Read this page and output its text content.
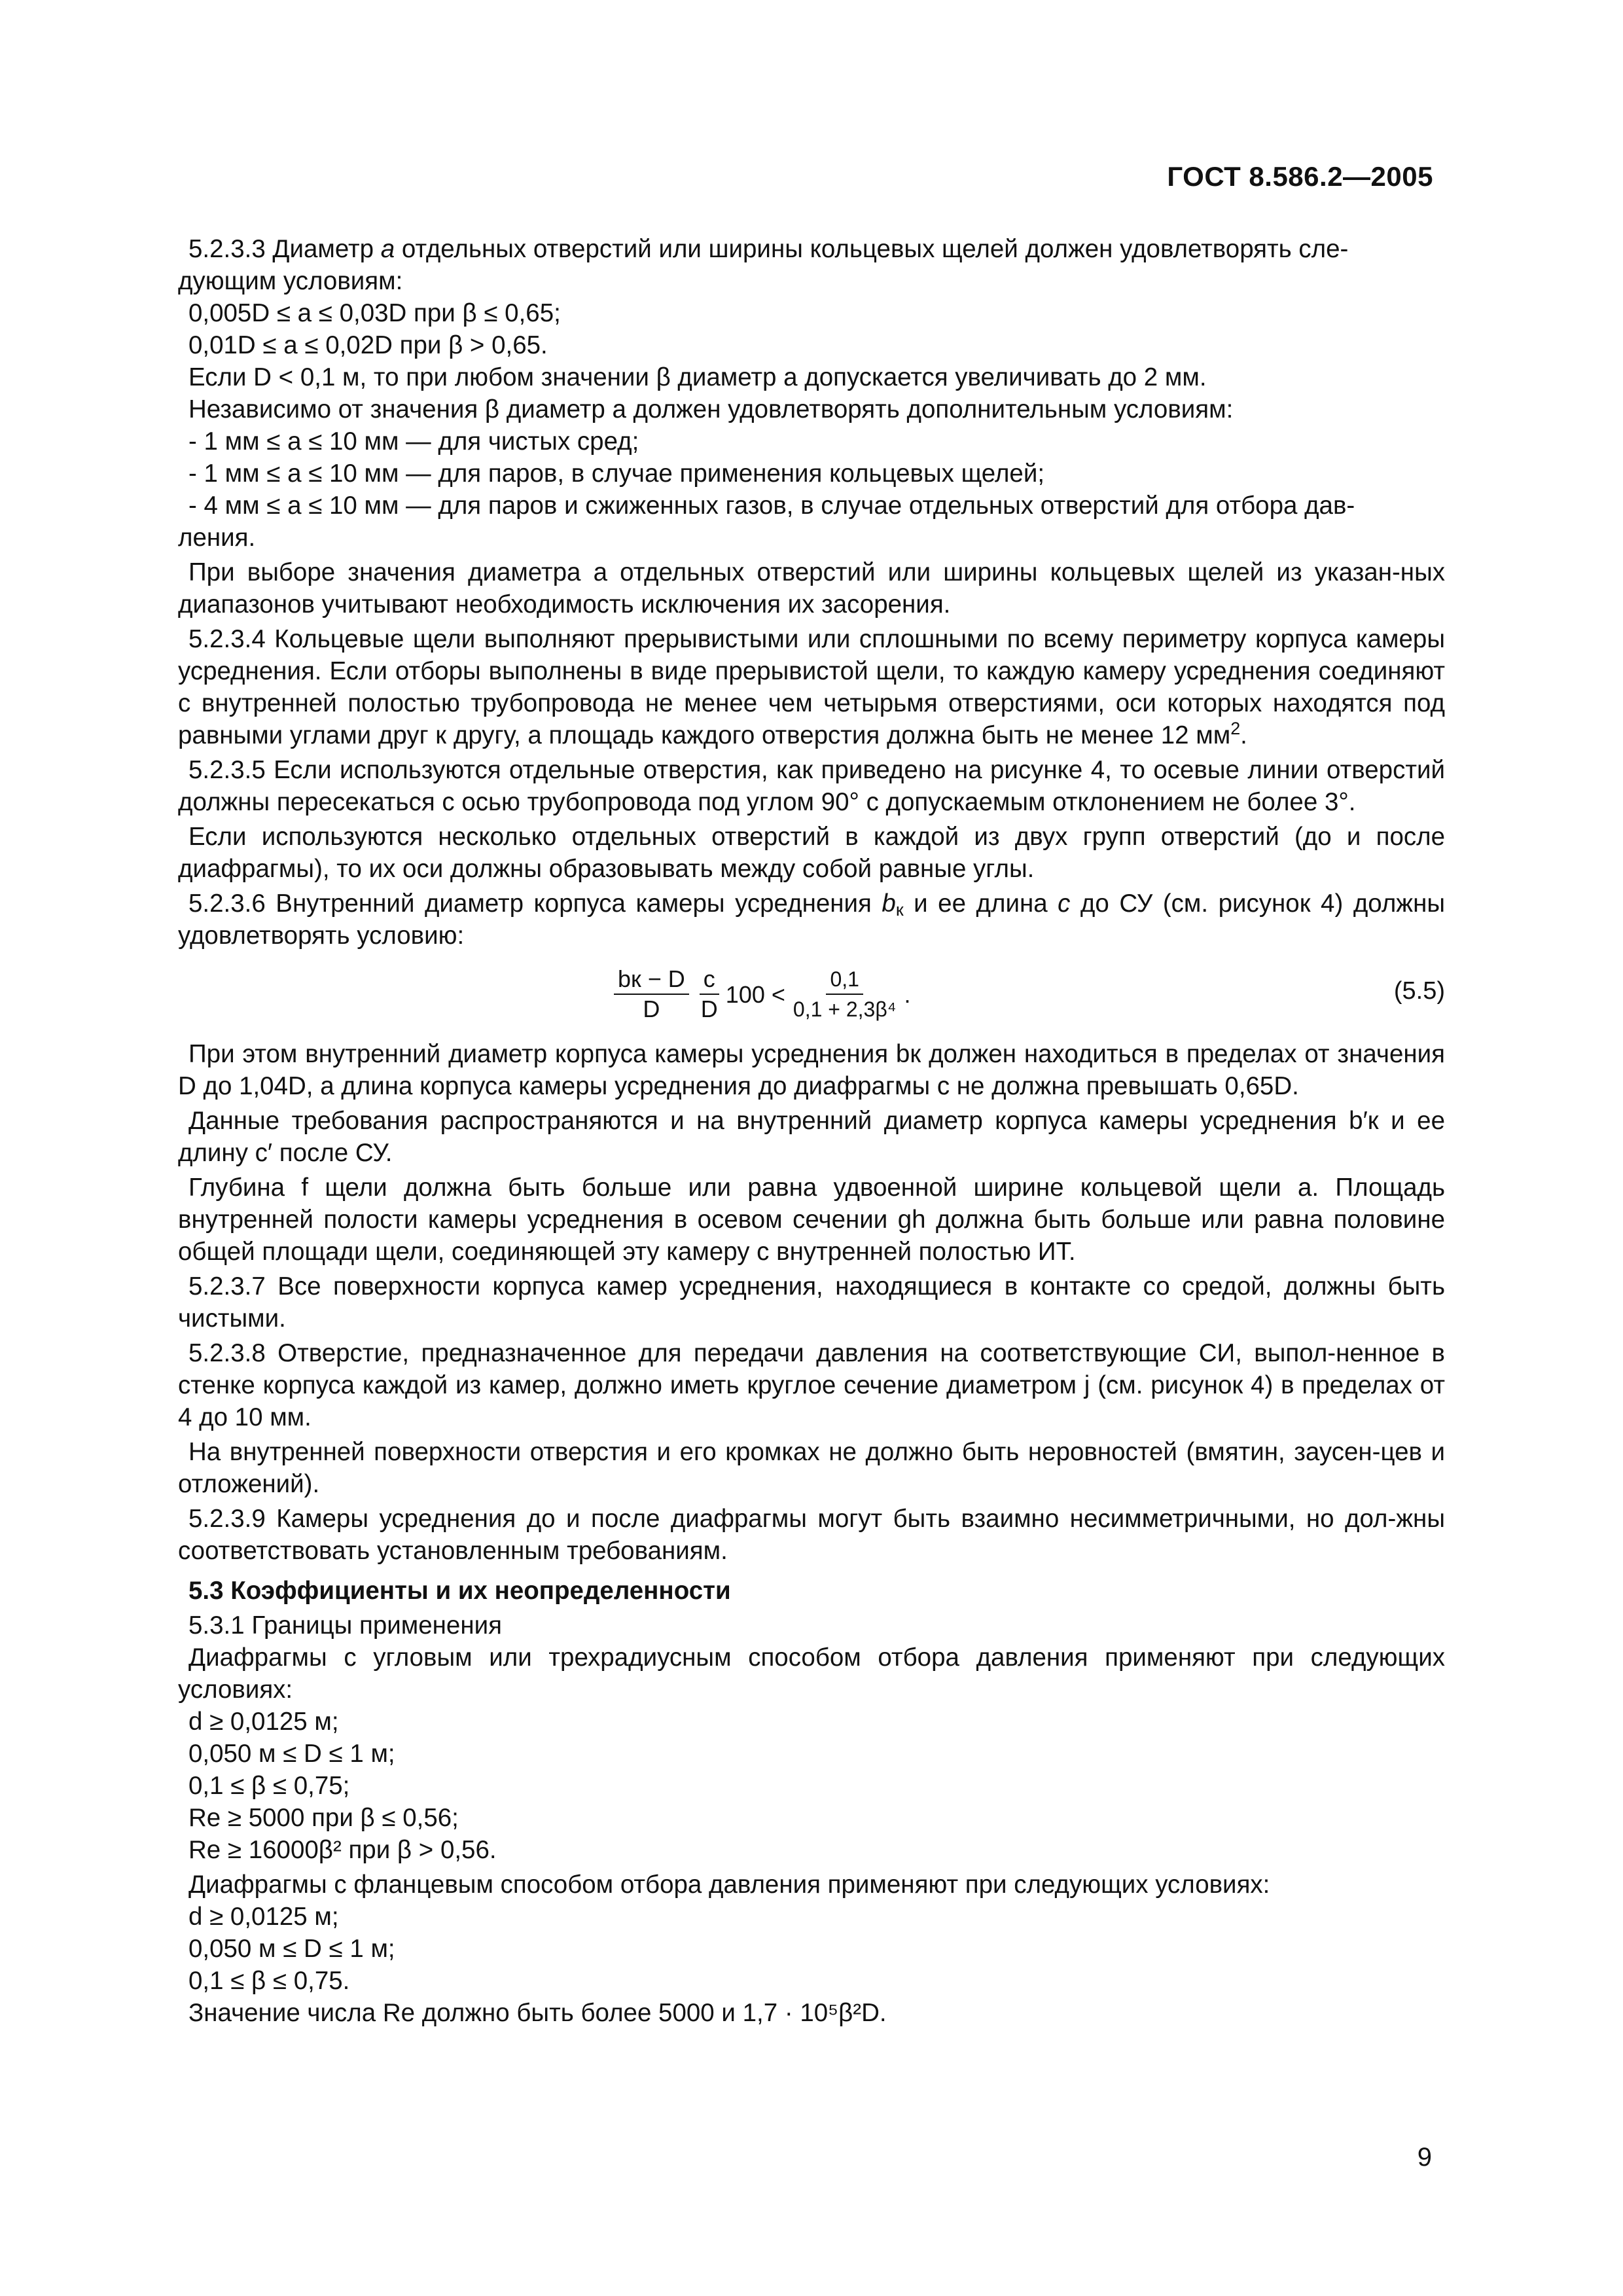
ГОСТ 8.586.2—2005

5.2.3.3 Диаметр a отдельных отверстий или ширины кольцевых щелей должен удовлетворять сле-
дующим условиям:

0,005D ≤ a ≤ 0,03D при β ≤ 0,65;

0,01D ≤ a ≤ 0,02D при β > 0,65.

Если D < 0,1 м, то при любом значении β диаметр a допускается увеличивать до 2 мм.

Независимо от значения β диаметр a должен удовлетворять дополнительным условиям:

- 1 мм ≤ a ≤ 10 мм — для чистых сред;

- 1 мм ≤ a ≤ 10 мм — для паров, в случае применения кольцевых щелей;

- 4 мм ≤ a ≤ 10 мм — для паров и сжиженных газов, в случае отдельных отверстий для отбора дав-

ления.

При выборе значения диаметра a отдельных отверстий или ширины кольцевых щелей из указан-ных диапазонов учитывают необходимость исключения их засорения.

5.2.3.4 Кольцевые щели выполняют прерывистыми или сплошными по всему периметру корпуса камеры усреднения. Если отборы выполнены в виде прерывистой щели, то каждую камеру усреднения соединяют с внутренней полостью трубопровода не менее чем четырьмя отверстиями, оси которых находятся под равными углами друг к другу, а площадь каждого отверстия должна быть не менее 12 $мм^2$.

5.2.3.5 Если используются отдельные отверстия, как приведено на рисунке 4, то осевые линии отверстий должны пересекаться с осью трубопровода под углом 90° с допускаемым отклонением не более 3°.

Если используются несколько отдельных отверстий в каждой из двух групп отверстий (до и после диафрагмы), то их оси должны образовывать между собой равные углы.

5.2.3.6 Внутренний диаметр корпуса камеры усреднения $b_к$ и ее длина c до СУ (см. рисунок 4) должны удовлетворять условию:

$\frac{bк - D}{D} \frac{c}{D} 100 < \frac{0,1}{\text{0,1 + 2,3β⁴}}$ .	(5.5)

При этом внутренний диаметр корпуса камеры усреднения bк должен находиться в пределах от значения D до 1,04D, а длина корпуса камеры усреднения до диафрагмы c не должна превышать 0,65D.

Данные требования распространяются и на внутренний диаметр корпуса камеры усреднения b′к и ее длину c′ после СУ.

Глубина f щели должна быть больше или равна удвоенной ширине кольцевой щели a. Площадь внутренней полости камеры усреднения в осевом сечении gh должна быть больше или равна половине общей площади щели, соединяющей эту камеру с внутренней полостью ИТ.

5.2.3.7 Все поверхности корпуса камер усреднения, находящиеся в контакте со средой, должны быть чистыми.

5.2.3.8 Отверстие, предназначенное для передачи давления на соответствующие СИ, выпол-ненное в стенке корпуса каждой из камер, должно иметь круглое сечение диаметром j (см. рисунок 4) в пределах от 4 до 10 мм.

На внутренней поверхности отверстия и его кромках не должно быть неровностей (вмятин, заусен-цев и отложений).

5.2.3.9 Камеры усреднения до и после диафрагмы могут быть взаимно несимметричными, но дол-жны соответствовать установленным требованиям.

5.3 Коэффициенты и их неопределенности

5.3.1 Границы применения

Диафрагмы с угловым или трехрадиусным способом отбора давления применяют при следующих условиях:

d ≥ 0,0125 м;

0,050 м ≤ D ≤ 1 м;

0,1 ≤ β ≤ 0,75;

Re ≥ 5000 при β ≤ 0,56;

Re ≥ 16000β² при β > 0,56.

Диафрагмы с фланцевым способом отбора давления применяют при следующих условиях:

d ≥ 0,0125 м;

0,050 м ≤ D ≤ 1 м;

0,1 ≤ β ≤ 0,75.

Значение числа Re должно быть более 5000 и 1,7 · 10⁵β²D.

9
